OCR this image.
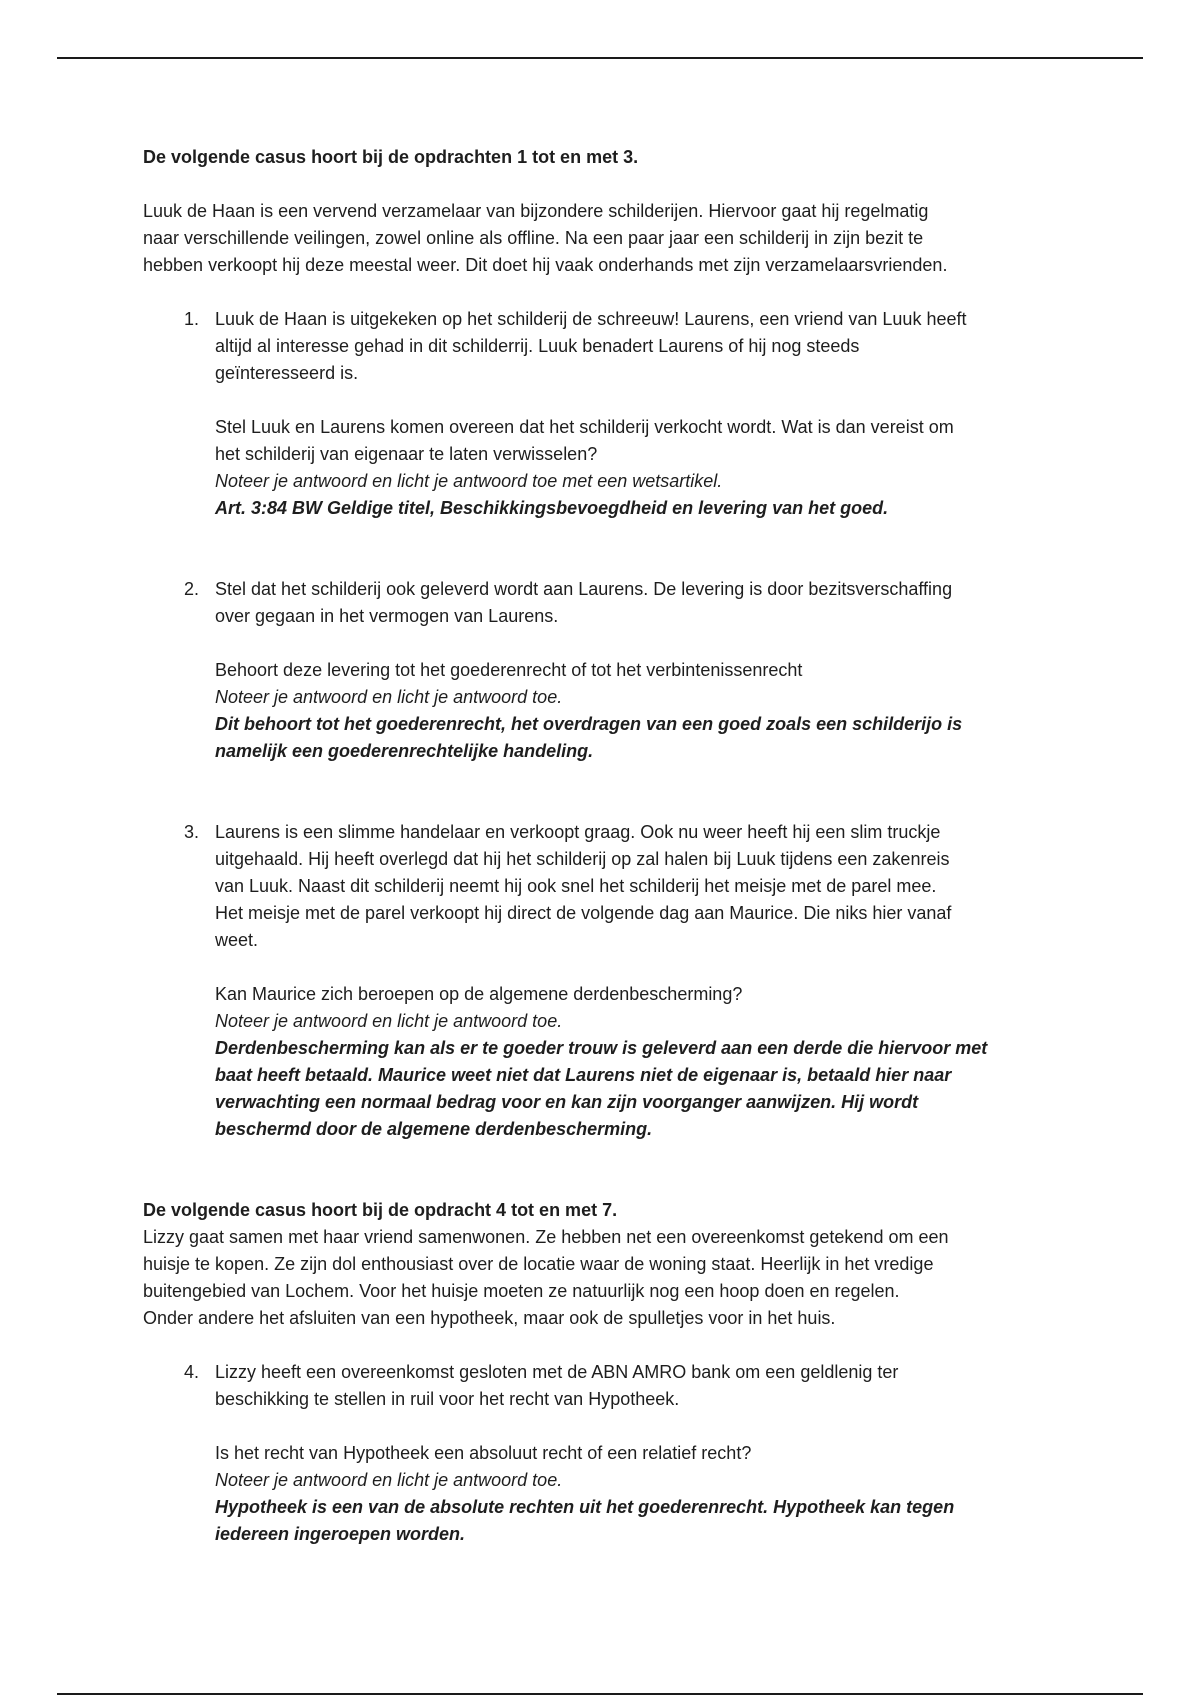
De volgende casus hoort bij de opdrachten 1 tot en met 3.

Luuk de Haan is een vervend verzamelaar van bijzondere schilderijen. Hiervoor gaat hij regelmatig

naar verschillende veilingen, zowel online als offline. Na een paar jaar een schilderij in zijn bezit te

hebben verkoopt hij deze meestal weer. Dit doet hij vaak onderhands met zijn verzamelaarsvrienden.

1. Luuk de Haan is uitgekeken op het schilderij de schreeuw! Laurens, een vriend van Luuk heeft

altijd al interesse gehad in dit schilderrij. Luuk benadert Laurens of hij nog steeds

geïnteresseerd is.

Stel Luuk en Laurens komen overeen dat het schilderij verkocht wordt. Wat is dan vereist om

het schilderij van eigenaar te laten verwisselen?

Noteer je antwoord en licht je antwoord toe met een wetsartikel.

Art. 3:84 BW Geldige titel, Beschikkingsbevoegdheid en levering van het goed.

2. Stel dat het schilderij ook geleverd wordt aan Laurens. De levering is door bezitsverschaffing

over gegaan in het vermogen van Laurens.

Behoort deze levering tot het goederenrecht of tot het verbintenissenrecht

Noteer je antwoord en licht je antwoord toe.

Dit behoort tot het goederenrecht, het overdragen van een goed zoals een schilderijo is

namelijk een goederenrechtelijke handeling.

3. Laurens is een slimme handelaar en verkoopt graag. Ook nu weer heeft hij een slim truckje

uitgehaald. Hij heeft overlegd dat hij het schilderij op zal halen bij Luuk tijdens een zakenreis

van Luuk. Naast dit schilderij neemt hij ook snel het schilderij het meisje met de parel mee.

Het meisje met de parel verkoopt hij direct de volgende dag aan Maurice. Die niks hier vanaf

weet.

Kan Maurice zich beroepen op de algemene derdenbescherming?

Noteer je antwoord en licht je antwoord toe.

Derdenbescherming kan als er te goeder trouw is geleverd aan een derde die hiervoor met

baat heeft betaald. Maurice weet niet dat Laurens niet de eigenaar is, betaald hier naar

verwachting een normaal bedrag voor en kan zijn voorganger aanwijzen. Hij wordt

beschermd door de algemene derdenbescherming.

De volgende casus hoort bij de opdracht 4 tot en met 7.

Lizzy gaat samen met haar vriend samenwonen. Ze hebben net een overeenkomst getekend om een

huisje te kopen. Ze zijn dol enthousiast over de locatie waar de woning staat. Heerlijk in het vredige

buitengebied van Lochem. Voor het huisje moeten ze natuurlijk nog een hoop doen en regelen.

Onder andere het afsluiten van een hypotheek, maar ook de spulletjes voor in het huis.

4. Lizzy heeft een overeenkomst gesloten met de ABN AMRO bank om een geldlenig ter

beschikking te stellen in ruil voor het recht van Hypotheek.

Is het recht van Hypotheek een absoluut recht of een relatief recht?

Noteer je antwoord en licht je antwoord toe.

Hypotheek is een van de absolute rechten uit het goederenrecht. Hypotheek kan tegen

iedereen ingeroepen worden.
